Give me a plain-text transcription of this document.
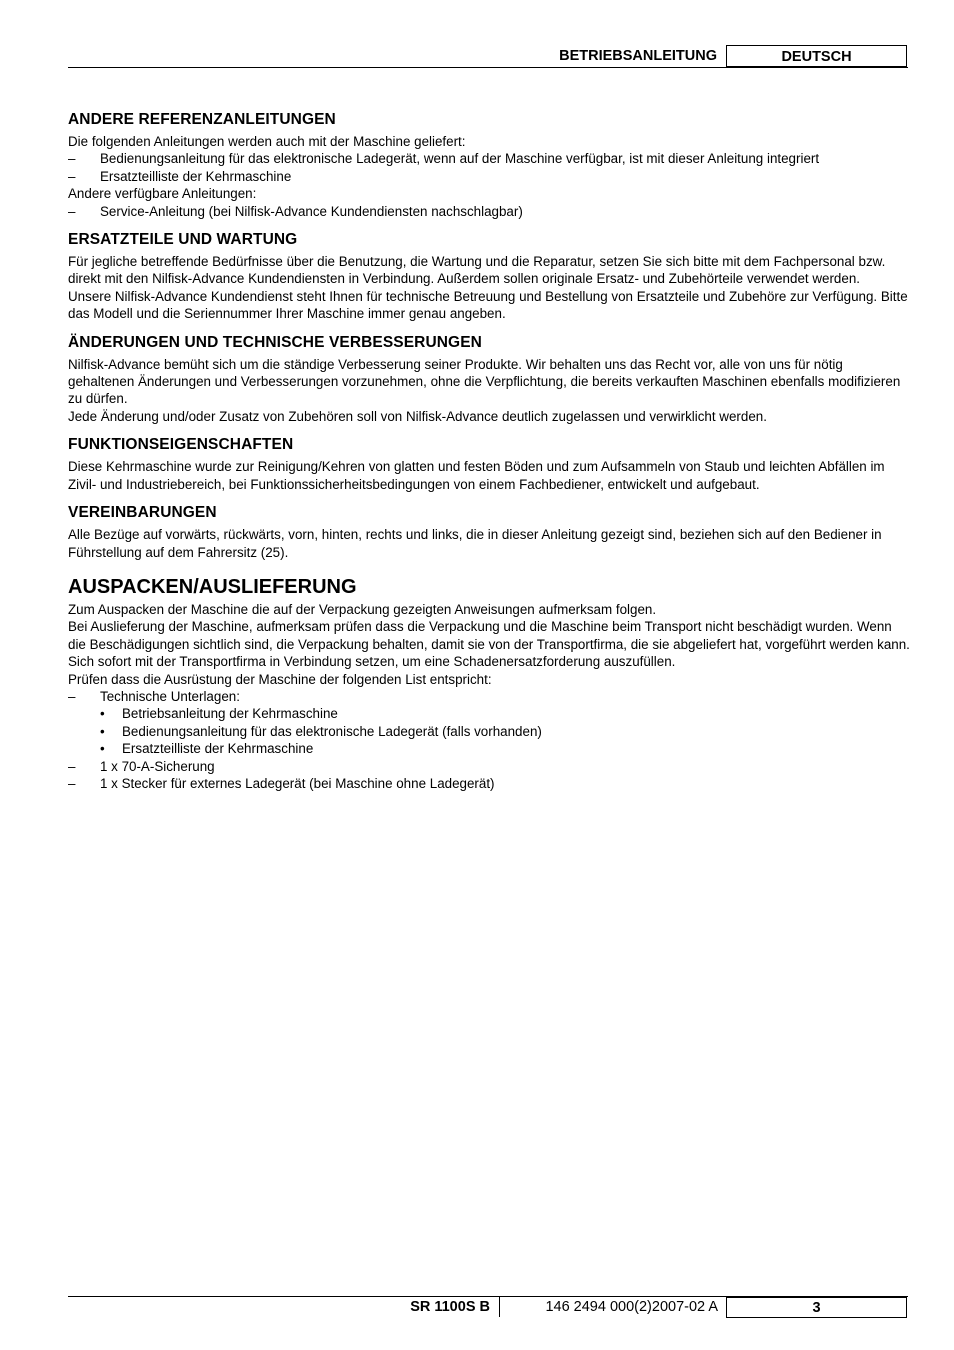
BETRIEBSANLEITUNG	DEUTSCH
ANDERE REFERENZANLEITUNGEN

Die folgenden Anleitungen werden auch mit der Maschine geliefert:

– Bedienungsanleitung für das elektronische Ladegerät, wenn auf der Maschine verfügbar, ist mit dieser Anleitung integriert
– Ersatzteilliste der Kehrmaschine

Andere verfügbare Anleitungen:

– Service-Anleitung (bei Nilfisk-Advance Kundendiensten nachschlagbar)
ERSATZTEILE UND WARTUNG

Für jegliche betreffende Bedürfnisse über die Benutzung, die Wartung und die Reparatur, setzen Sie sich bitte mit dem Fachpersonal bzw. direkt mit den Nilfisk-Advance Kundendiensten in Verbindung. Außerdem sollen originale Ersatz- und Zubehörteile verwendet werden.

Unsere Nilfisk-Advance Kundendienst steht Ihnen für technische Betreuung und Bestellung von Ersatzteile und Zubehöre zur Verfügung. Bitte das Modell und die Seriennummer Ihrer Maschine immer genau angeben.

ÄNDERUNGEN UND TECHNISCHE VERBESSERUNGEN

Nilfisk-Advance bemüht sich um die ständige Verbesserung seiner Produkte. Wir behalten uns das Recht vor, alle von uns für nötig gehaltenen Änderungen und Verbesserungen vorzunehmen, ohne die Verpflichtung, die bereits verkauften Maschinen ebenfalls modifizieren zu dürfen.

Jede Änderung und/oder Zusatz von Zubehören soll von Nilfisk-Advance deutlich zugelassen und verwirklicht werden.

FUNKTIONSEIGENSCHAFTEN

Diese Kehrmaschine wurde zur Reinigung/Kehren von glatten und festen Böden und zum Aufsammeln von Staub und leichten Abfällen im Zivil- und Industriebereich, bei Funktionssicherheitsbedingungen von einem Fachbediener, entwickelt und aufgebaut.

VEREINBARUNGEN

Alle Bezüge auf vorwärts, rückwärts, vorn, hinten, rechts und links, die in dieser Anleitung gezeigt sind, beziehen sich auf den Bediener in Führstellung auf dem Fahrersitz (25).

AUSPACKEN/AUSLIEFERUNG

Zum Auspacken der Maschine die auf der Verpackung gezeigten Anweisungen aufmerksam folgen.

Bei Auslieferung der Maschine, aufmerksam prüfen dass die Verpackung und die Maschine beim Transport nicht beschädigt wurden. Wenn die Beschädigungen sichtlich sind, die Verpackung behalten, damit sie von der Transportfirma, die sie abgeliefert hat, vorgeführt werden kann. Sich sofort mit der Transportfirma in Verbindung setzen, um eine Schadenersatzforderung auszufüllen.

Prüfen dass die Ausrüstung der Maschine der folgenden List entspricht:

– Technische Unterlagen:
• Betriebsanleitung der Kehrmaschine
• Bedienungsanleitung für das elektronische Ladegerät (falls vorhanden)
• Ersatzteilliste der Kehrmaschine
– 1 x 70-A-Sicherung
– 1 x Stecker für externes Ladegerät (bei Maschine ohne Ladegerät)
SR 1100S B	146 2494 000(2)2007-02 A	3
